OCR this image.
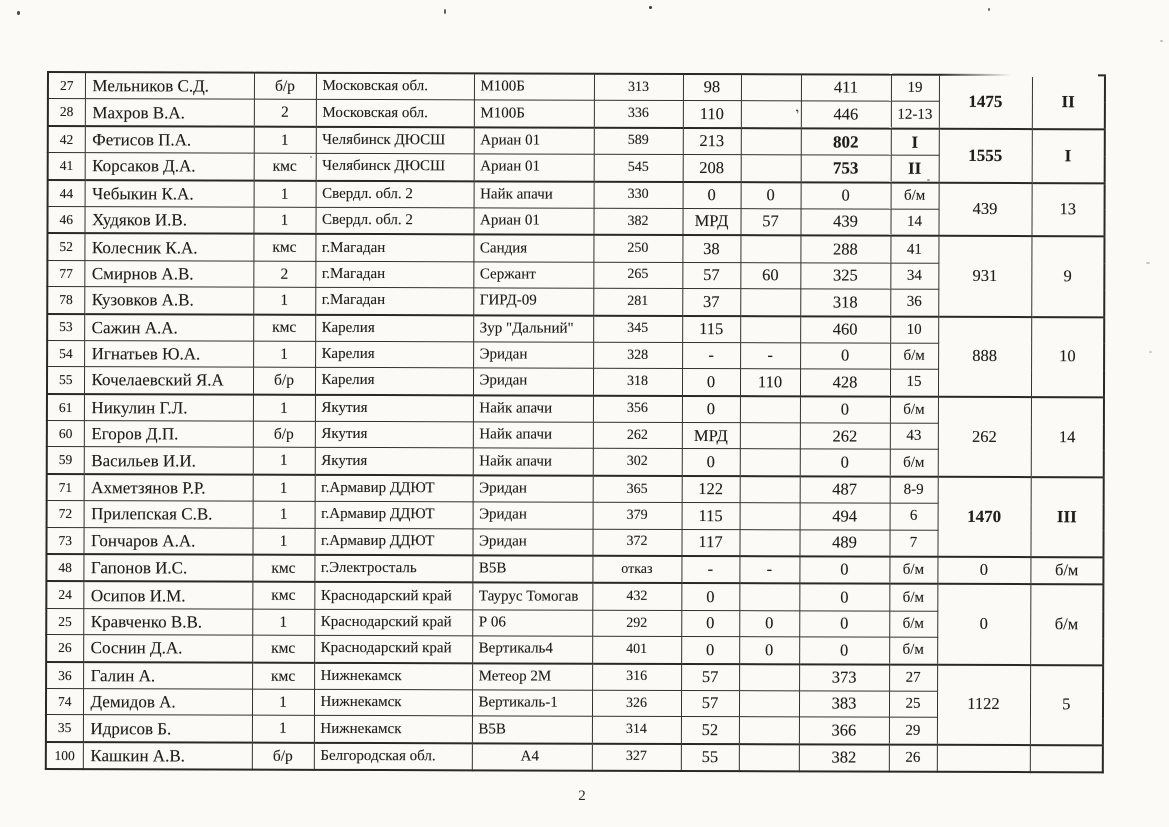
27	Мельников С.Д.	б/р	Московская обл.	М100Б	313	98		411	19	1475	II
28	Махров В.А.	2	Московская обл.	М100Б	336	110		446	12-13		
42	Фетисов П.А.	1	Челябинск ДЮСШ	Ариан 01	589	213		802	I	1555	I
41	Корсаков Д.А.	кмс	Челябинск ДЮСШ	Ариан 01	545	208		753	II		
44	Чебыкин К.А.	1	Свердл. обл. 2	Найк апачи	330	0	0	0	б/м	439	13
46	Худяков И.В.	1	Свердл. обл. 2	Ариан 01	382	МРД	57	439	14		
52	Колесник К.А.	кмс	г.Магадан	Сандия	250	38		288	41	931	9
77	Смирнов А.В.	2	г.Магадан	Сержант	265	57	60	325	34		
78	Кузовков А.В.	1	г.Магадан	ГИРД-09	281	37		318	36		
53	Сажин А.А.	кмс	Карелия	Зур "Дальний"	345	115		460	10	888	10
54	Игнатьев Ю.А.	1	Карелия	Эридан	328	-	-	0	б/м		
55	Кочелаевский Я.А	б/р	Карелия	Эридан	318	0	110	428	15		
61	Никулин Г.Л.	1	Якутия	Найк апачи	356	0		0	б/м	262	14
60	Егоров Д.П.	б/р	Якутия	Найк апачи	262	МРД		262	43		
59	Васильев И.И.	1	Якутия	Найк апачи	302	0		0	б/м		
71	Ахметзянов Р.Р.	1	г.Армавир ДДЮТ	Эридан	365	122		487	8-9	1470	III
72	Прилепская С.В.	1	г.Армавир ДДЮТ	Эридан	379	115		494	6		
73	Гончаров А.А.	1	г.Армавир ДДЮТ	Эридан	372	117		489	7		
48	Гапонов И.С.	кмс	г.Электросталь	В5В	отказ	-	-	0	б/м	0	б/м
24	Осипов И.М.	кмс	Краснодарский край	Таурус Томогав	432	0		0	б/м	0	б/м
25	Кравченко В.В.	1	Краснодарский край	Р 06	292	0	0	0	б/м		
26	Соснин Д.А.	кмс	Краснодарский край	Вертикаль4	401	0	0	0	б/м		
36	Галин А.	кмс	Нижнекамск	Метеор 2М	316	57		373	27	1122	5
74	Демидов А.	1	Нижнекамск	Вертикаль-1	326	57		383	25		
35	Идрисов Б.	1	Нижнекамск	В5В	314	52		366	29		
100	Кашкин А.В.	б/р	Белгородская обл.	А4	327	55		382	26		
,
2
